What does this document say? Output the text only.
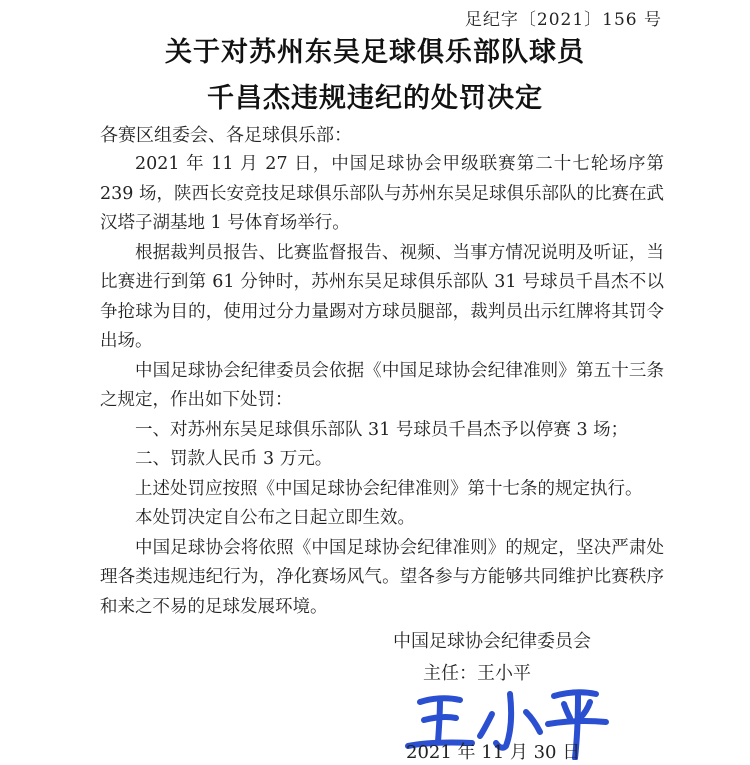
足纪字〔2021〕156 号
关于对苏州东吴足球俱乐部队球员
千昌杰违规违纪的处罚决定
各赛区组委会、各足球俱乐部：

2021 年 11 月 27 日，中国足球协会甲级联赛第二十七轮场序第 239 场，陕西长安竞技足球俱乐部队与苏州东吴足球俱乐部队的比赛在武汉塔子湖基地 1 号体育场举行。

根据裁判员报告、比赛监督报告、视频、当事方情况说明及听证，当比赛进行到第 61 分钟时，苏州东吴足球俱乐部队 31 号球员千昌杰不以争抢球为目的，使用过分力量踢对方球员腿部，裁判员出示红牌将其罚令出场。

中国足球协会纪律委员会依据《中国足球协会纪律准则》第五十三条之规定，作出如下处罚：

一、对苏州东吴足球俱乐部队 31 号球员千昌杰予以停赛 3 场；

二、罚款人民币 3 万元。

上述处罚应按照《中国足球协会纪律准则》第十七条的规定执行。

本处罚决定自公布之日起立即生效。

中国足球协会将依照《中国足球协会纪律准则》的规定，坚决严肃处理各类违规违纪行为，净化赛场风气。望各参与方能够共同维护比赛秩序和来之不易的足球发展环境。

中国足球协会纪律委员会
主任：王小平
2021 年 11 月 30 日
